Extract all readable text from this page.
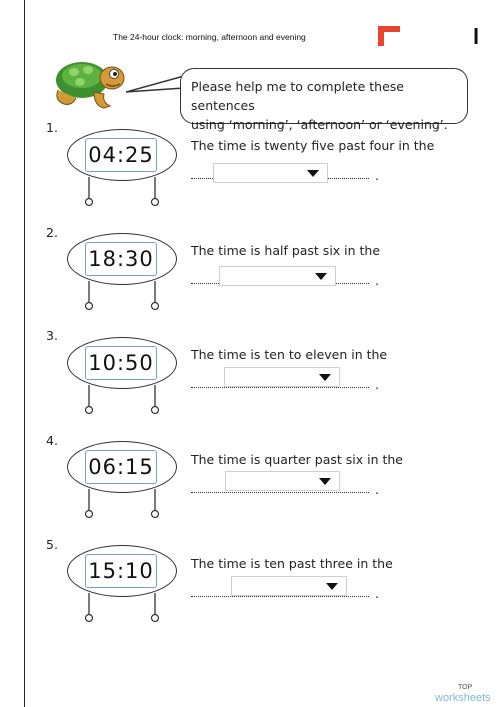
The 24-hour clock: morning, afternoon and evening	l
Please help me to complete these sentences
using ‘morning’, ‘afternoon’ or ‘evening’.
1.
04:25	The time is twenty five past four in the
.
2.
18:30	The time is half past six in the
.
3.
10:50	The time is ten to eleven in the
.
4.
06:15	The time is quarter past six in the
.
5.
15:10	The time is ten past three in the
.
TOP
worksheets
